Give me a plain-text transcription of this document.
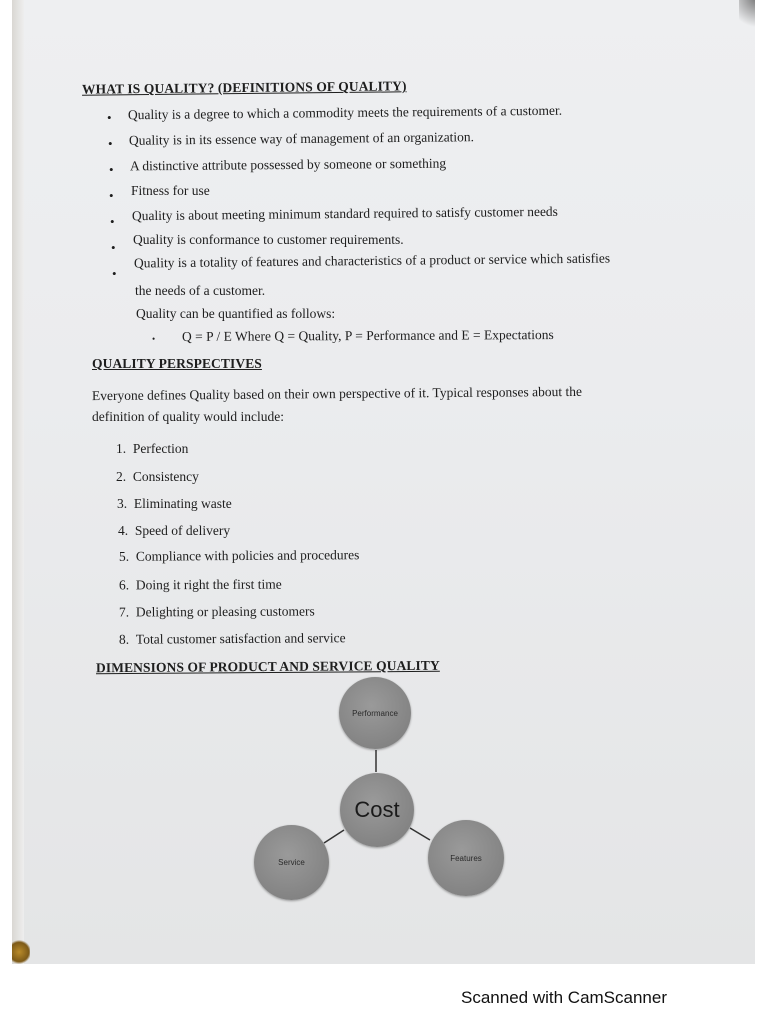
WHAT IS QUALITY? (DEFINITIONS OF QUALITY)
• Quality is a degree to which a commodity meets the requirements of a customer.
• Quality is in its essence way of management of an organization.
• A distinctive attribute possessed by someone or something
• Fitness for use
• Quality is about meeting minimum standard required to satisfy customer needs
•
Quality is conformance to customer requirements.
•
Quality is a totality of features and characteristics of a product or service which satisfies
the needs of a customer.
Quality can be quantified as follows:
• Q = P / E Where Q = Quality, P = Performance and E = Expectations
QUALITY PERSPECTIVES
Everyone defines Quality based on their own perspective of it. Typical responses about the
definition of quality would include:
1. Perfection
2. Consistency
3. Eliminating waste
4. Speed of delivery
5. Compliance with policies and procedures
6. Doing it right the first time
7. Delighting or pleasing customers
8. Total customer satisfaction and service
DIMENSIONS OF PRODUCT AND SERVICE QUALITY
Performance
Cost
Service	Features
Scanned with CamScanner
